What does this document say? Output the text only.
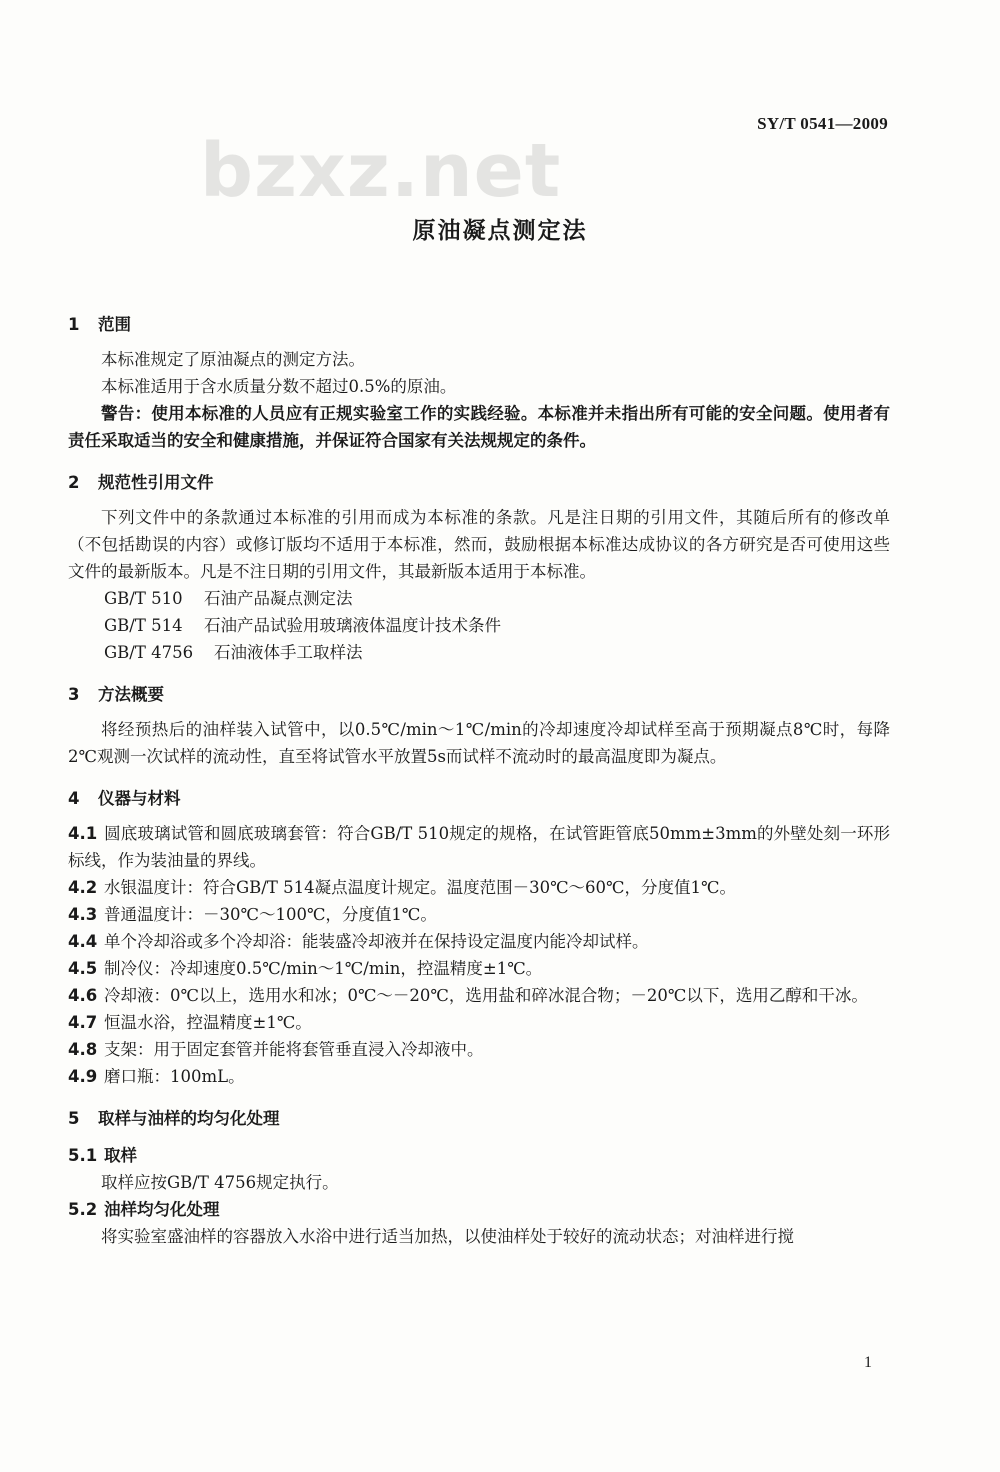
SY/T 0541—2009
bzxz.net
原油凝点测定法
1 范围

本标准规定了原油凝点的测定方法。

本标准适用于含水质量分数不超过0.5%的原油。

警告：使用本标准的人员应有正规实验室工作的实践经验。本标准并未指出所有可能的安全问题。使用者有责任采取适当的安全和健康措施，并保证符合国家有关法规规定的条件。

2 规范性引用文件

下列文件中的条款通过本标准的引用而成为本标准的条款。凡是注日期的引用文件，其随后所有的修改单（不包括勘误的内容）或修订版均不适用于本标准，然而，鼓励根据本标准达成协议的各方研究是否可使用这些文件的最新版本。凡是不注日期的引用文件，其最新版本适用于本标准。

GB/T 510 石油产品凝点测定法

GB/T 514 石油产品试验用玻璃液体温度计技术条件

GB/T 4756 石油液体手工取样法

3 方法概要

将经预热后的油样装入试管中，以0.5℃/min～1℃/min的冷却速度冷却试样至高于预期凝点8℃时，每降2℃观测一次试样的流动性，直至将试管水平放置5s而试样不流动时的最高温度即为凝点。

4 仪器与材料

4.1 圆底玻璃试管和圆底玻璃套管：符合GB/T 510规定的规格，在试管距管底50mm±3mm的外壁处刻一环形标线，作为装油量的界线。

4.2 水银温度计：符合GB/T 514凝点温度计规定。温度范围－30℃～60℃，分度值1℃。

4.3 普通温度计：－30℃～100℃，分度值1℃。

4.4 单个冷却浴或多个冷却浴：能装盛冷却液并在保持设定温度内能冷却试样。

4.5 制冷仪：冷却速度0.5℃/min～1℃/min，控温精度±1℃。

4.6 冷却液：0℃以上，选用水和冰；0℃～－20℃，选用盐和碎冰混合物；－20℃以下，选用乙醇和干冰。

4.7 恒温水浴，控温精度±1℃。

4.8 支架：用于固定套管并能将套管垂直浸入冷却液中。

4.9 磨口瓶：100mL。

5 取样与油样的均匀化处理

5.1 取样

取样应按GB/T 4756规定执行。

5.2 油样均匀化处理

将实验室盛油样的容器放入水浴中进行适当加热，以使油样处于较好的流动状态；对油样进行搅

1
